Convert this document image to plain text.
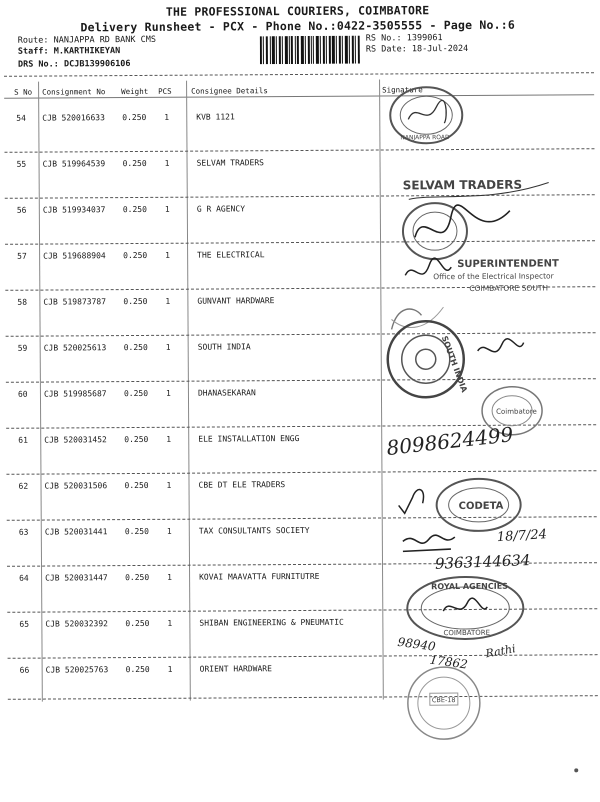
THE PROFESSIONAL COURIERS, COIMBATORE
Delivery Runsheet - PCX - Phone No.:0422-3505555 - Page No.:6
Route: NANJAPPA RD BANK CMS
Staff: M.KARTHIKEYAN
DRS No.: DCJB139906106
RS No.: 1399061
RS Date: 18-Jul-2024
S No Consignment No Weight PCS	Consignee Details	Signature
54 CJB 520016633 0.250 1	KVB 1121
55 CJB 519964539 0.250 1	SELVAM TRADERS
56 CJB 519934037 0.250 1	G R AGENCY
57 CJB 519688904 0.250 1	THE ELECTRICAL
58 CJB 519873787 0.250 1	GUNVANT HARDWARE
59 CJB 520025613 0.250 1	SOUTH INDIA
60 CJB 519985687 0.250 1	DHANASEKARAN
61 CJB 520031452 0.250 1	ELE INSTALLATION ENGG
62 CJB 520031506 0.250 1	CBE DT ELE TRADERS
63 CJB 520031441 0.250 1	TAX CONSULTANTS SOCIETY
64 CJB 520031447 0.250 1	KOVAI MAAVATTA FURNITUTRE
65 CJB 520032392 0.250 1	SHIBAN ENGINEERING & PNEUMATIC
66 CJB 520025763 0.250 1	ORIENT HARDWARE
NANJAPPA ROAD
SELVAM TRADERS
SUPERINTENDENT
Office of the Electrical Inspector
COIMBATORE SOUTH
SOUTH INDIA
Coimbatore
8098624499
CODETA
18/7/24
9363144634
ROYAL AGENCIES
COIMBATORE
98940
17862
Rathi
CBE-18
